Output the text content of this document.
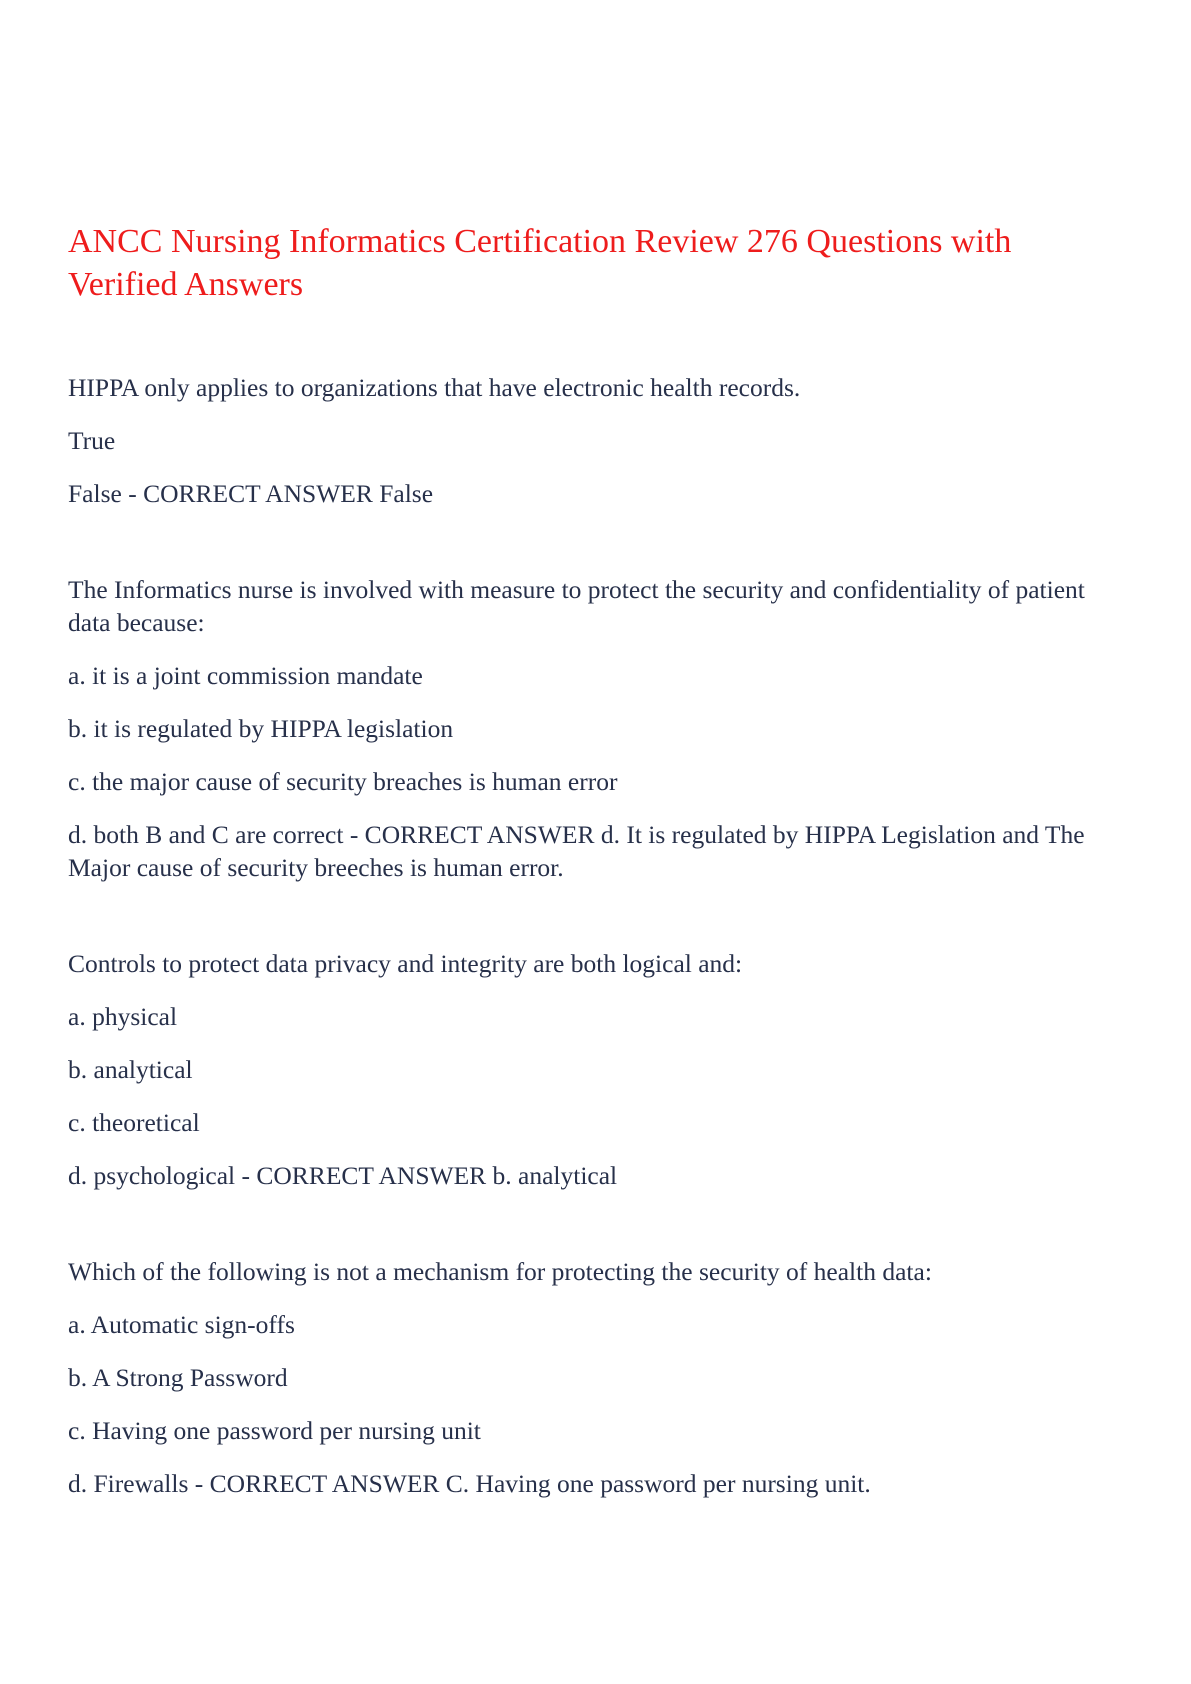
ANCC Nursing Informatics Certification Review 276 Questions with Verified Answers

HIPPA only applies to organizations that have electronic health records.

True

False - CORRECT ANSWER False

The Informatics nurse is involved with measure to protect the security and confidentiality of patient data because:

a. it is a joint commission mandate

b. it is regulated by HIPPA legislation

c. the major cause of security breaches is human error

d. both B and C are correct - CORRECT ANSWER d. It is regulated by HIPPA Legislation and The Major cause of security breeches is human error.

Controls to protect data privacy and integrity are both logical and:

a. physical

b. analytical

c. theoretical

d. psychological - CORRECT ANSWER b. analytical

Which of the following is not a mechanism for protecting the security of health data:

a. Automatic sign-offs

b. A Strong Password

c. Having one password per nursing unit

d. Firewalls - CORRECT ANSWER C. Having one password per nursing unit.
